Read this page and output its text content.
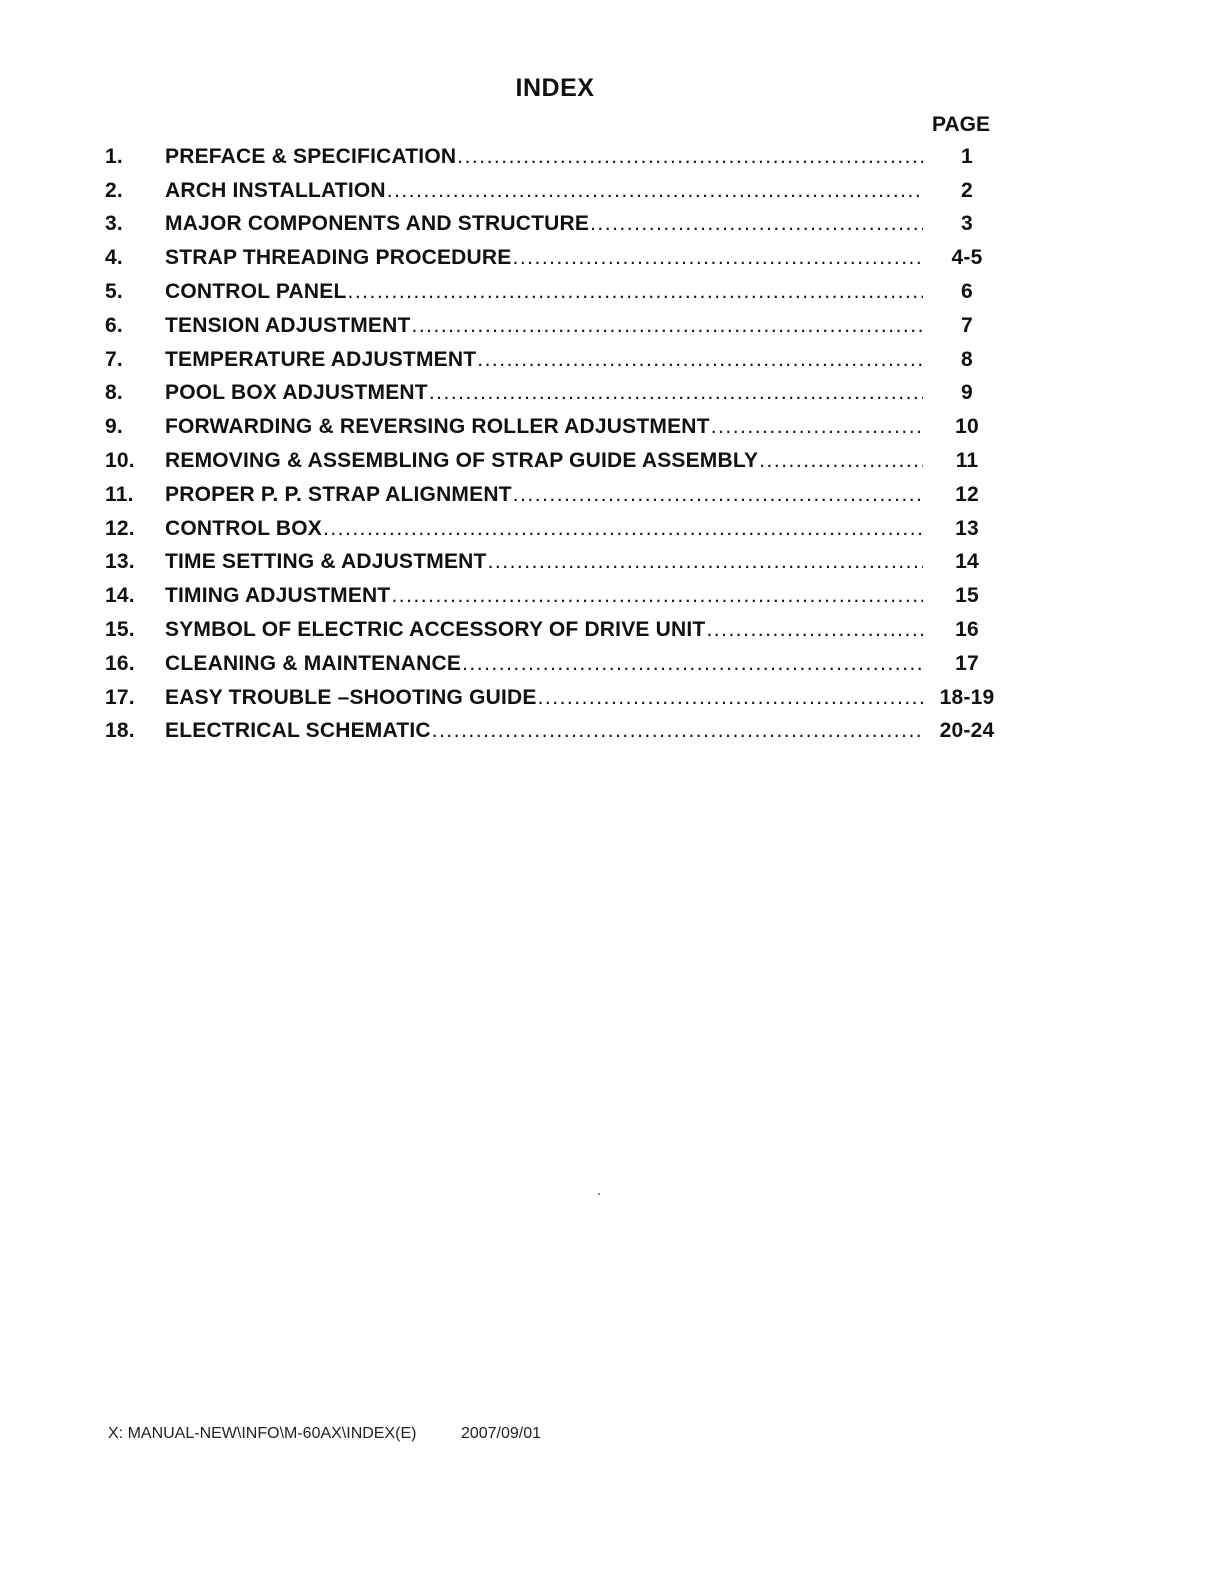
INDEX
PAGE
1.	PREFACE & SPECIFICATION .....	1
2.	ARCH INSTALLATION .....	2
3.	MAJOR COMPONENTS AND STRUCTURE .....	3
4.	STRAP THREADING PROCEDURE .....	4-5
5.	CONTROL PANEL .....	6
6.	TENSION ADJUSTMENT .....	7
7.	TEMPERATURE ADJUSTMENT .....	8
8.	POOL BOX ADJUSTMENT .....	9
9.	FORWARDING & REVERSING ROLLER ADJUSTMENT .....	10
10.	REMOVING & ASSEMBLING OF STRAP GUIDE ASSEMBLY .....	11
11.	PROPER P. P. STRAP ALIGNMENT .....	12
12.	CONTROL BOX .....	13
13.	TIME SETTING & ADJUSTMENT .....	14
14.	TIMING ADJUSTMENT .....	15
15.	SYMBOL OF ELECTRIC ACCESSORY OF DRIVE UNIT .....	16
16.	CLEANING & MAINTENANCE .....	17
17.	EASY TROUBLE –SHOOTING GUIDE .....	18-19
18.	ELECTRICAL SCHEMATIC .....	20-24
X: MANUAL-NEW\INFO\M-60AX\INDEX(E)	2007/09/01
